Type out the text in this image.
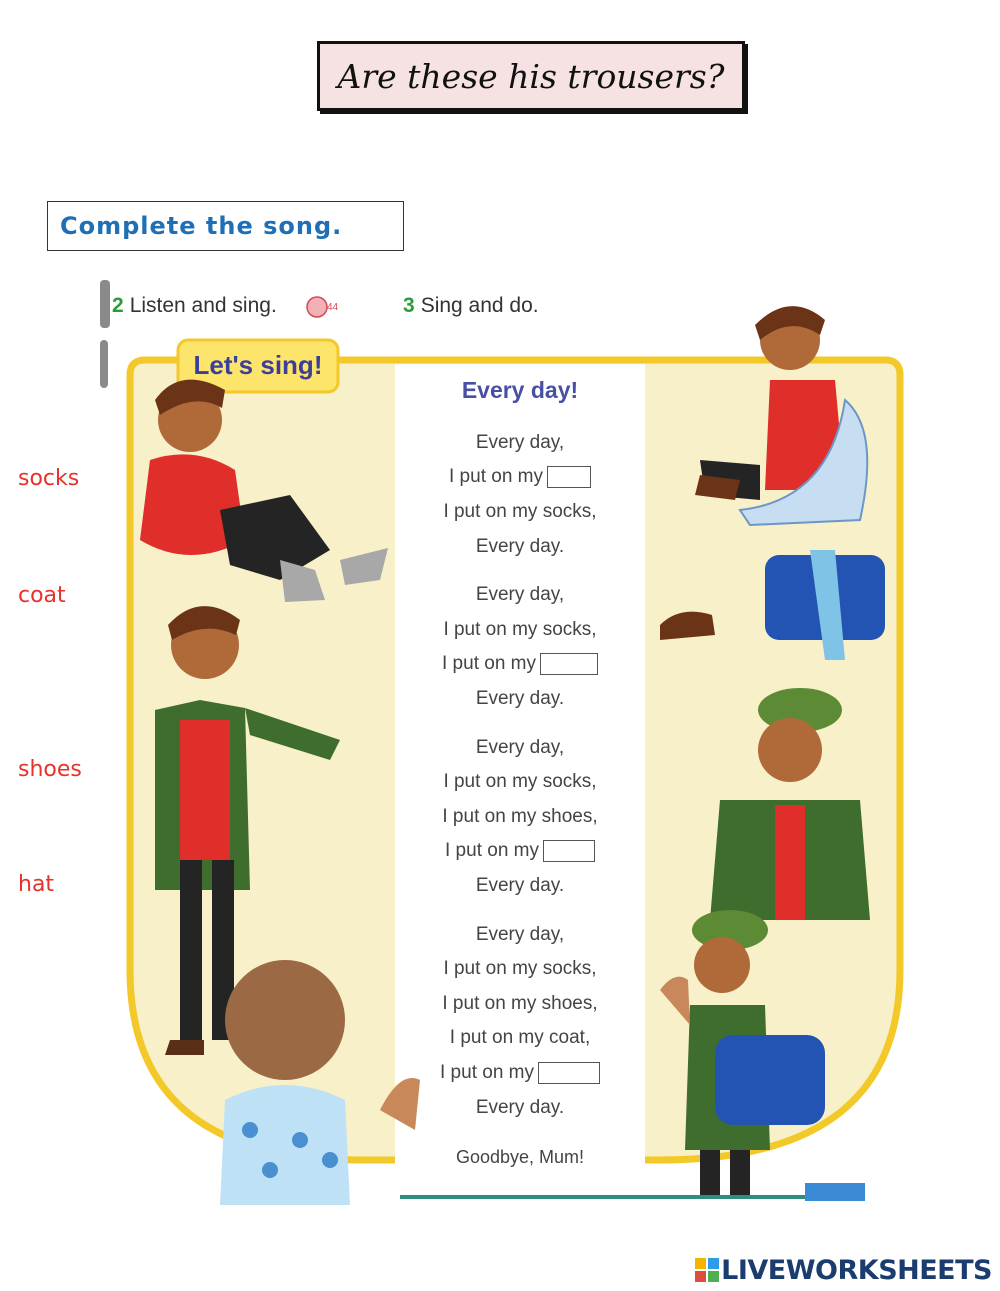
Are these his trousers?
Complete the song.
socks
coat
shoes
hat
2 Listen and sing.	44	3 Sing and do.
Let's sing!
Every day!
Every day,
I put on my
I put on my socks,
Every day.
Every day,
I put on my socks,
I put on my
Every day.
Every day,
I put on my socks,
I put on my shoes,
I put on my
Every day.
Every day,
I put on my socks,
I put on my shoes,
I put on my coat,
I put on my
Every day.
Goodbye, Mum!
LIVEWORKSHEETS
